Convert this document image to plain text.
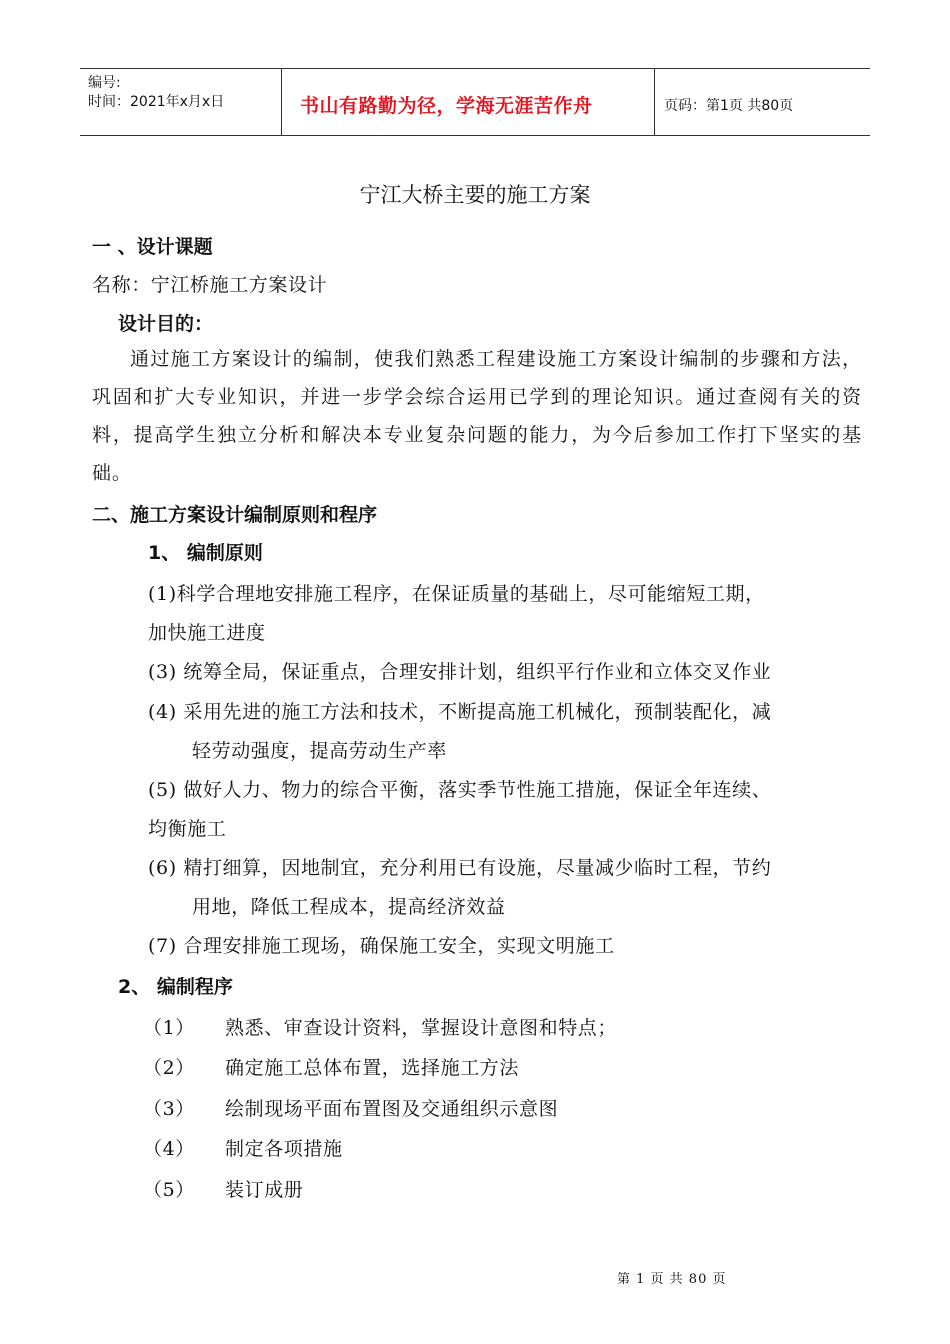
编号:
时间：2021年x月x日	书山有路勤为径，学海无涯苦作舟	页码：第1页 共80页
宁江大桥主要的施工方案
一 、设计课题
名称：宁江桥施工方案设计
设计目的：
通过施工方案设计的编制，使我们熟悉工程建设施工方案设计编制的步骤和方法，巩固和扩大专业知识，并进一步学会综合运用已学到的理论知识。通过查阅有关的资料，提高学生独立分析和解决本专业复杂问题的能力，为今后参加工作打下坚实的基础。
二、施工方案设计编制原则和程序
1、 编制原则
(1)科学合理地安排施工程序，在保证质量的基础上，尽可能缩短工期，
加快施工进度
(3) 统筹全局，保证重点，合理安排计划，组织平行作业和立体交叉作业
(4) 采用先进的施工方法和技术，不断提高施工机械化，预制装配化，减
轻劳动强度，提高劳动生产率
(5) 做好人力、物力的综合平衡，落实季节性施工措施，保证全年连续、
均衡施工
(6) 精打细算，因地制宜，充分利用已有设施，尽量减少临时工程，节约
用地，降低工程成本，提高经济效益
(7) 合理安排施工现场，确保施工安全，实现文明施工
2、 编制程序
（1） 熟悉、审查设计资料，掌握设计意图和特点；
（2） 确定施工总体布置，选择施工方法
（3） 绘制现场平面布置图及交通组织示意图
（4） 制定各项措施
（5） 装订成册
第 1 页 共 80 页
